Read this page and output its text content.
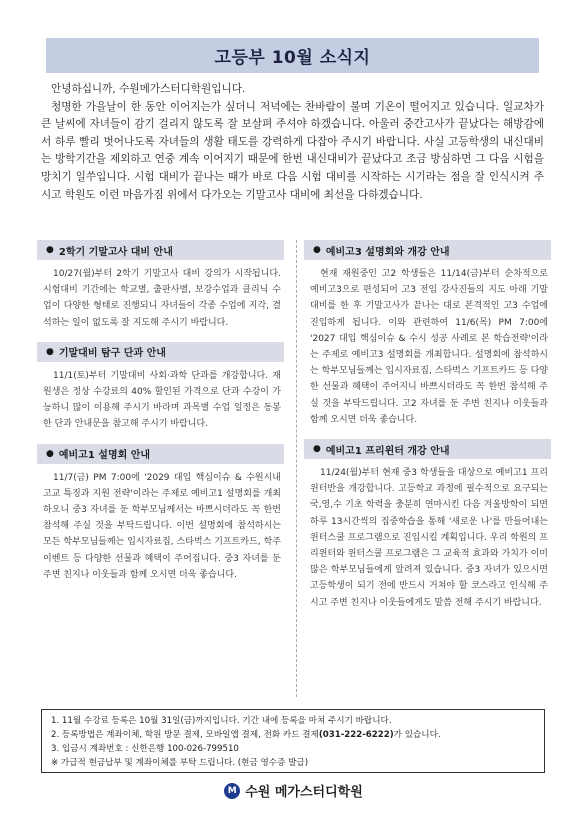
고등부 10월 소식지

안녕하십니까, 수원메가스터디학원입니다.

청명한 가을날이 한 동안 이어지는가 싶더니 저녁에는 찬바람이 불며 기온이 떨어지고 있습니다. 일교차가 큰 날씨에 자녀들이 감기 걸리지 않도록 잘 보살펴 주셔야 하겠습니다. 아울러 중간고사가 끝났다는 해방감에서 하루 빨리 벗어나도록 자녀들의 생활 태도를 강력하게 다잡아 주시기 바랍니다. 사실 고등학생의 내신대비는 방학기간을 제외하고 연중 계속 이어지기 때문에 한번 내신대비가 끝났다고 조금 방심하면 그 다음 시험을 망치기 일쑤입니다. 시험 대비가 끝나는 때가 바로 다음 시험 대비를 시작하는 시기라는 점을 잘 인식시켜 주시고 학원도 이런 마음가짐 위에서 다가오는 기말고사 대비에 최선을 다하겠습니다.

● 2학기 기말고사 대비 안내

10/27(월)부터 2학기 기말고사 대비 강의가 시작됩니다. 시험대비 기간에는 학교별, 출판사별, 보강수업과 클리닉 수업이 다양한 형태로 진행되니 자녀들이 각종 수업에 지각, 결석하는 일이 없도록 잘 지도해 주시기 바랍니다.

● 기말대비 탐구 단과 안내

11/1(토)부터 기말대비 사회·과학 단과를 개강합니다. 재원생은 정상 수강료의 40% 할인된 가격으로 단과 수강이 가능하니 많이 이용해 주시기 바라며 과목별 수업 일정은 동봉한 단과 안내문을 참고해 주시기 바랍니다.

● 예비고1 설명회 안내

11/7(금) PM 7:00에 '2029 대입 핵심이슈 & 수원시내 고교 특징과 지원 전략'이라는 주제로 예비고1 설명회를 개최하오니 중3 자녀를 둔 학부모님께서는 바쁘시더라도 꼭 한번 참석해 주실 것을 부탁드립니다. 이번 설명회에 참석하시는 모든 학부모님들께는 입시자료집, 스타벅스 기프트카드, 학주 이벤트 등 다양한 선물과 혜택이 주어집니다. 중3 자녀를 둔 주변 친지나 이웃들과 함께 오시면 더욱 좋습니다.

● 예비고3 설명회와 개강 안내

현재 재원중인 고2 학생들은 11/14(금)부터 순차적으로 예비고3으로 편성되어 고3 전임 강사진들의 지도 아래 기말대비를 한 후 기말고사가 끝나는 대로 본격적인 고3 수업에 진입하게 됩니다. 이와 관련하여 11/6(목) PM 7:00에 '2027 대입 핵심이슈 & 수시 성공 사례로 본 학습전략'이라는 주제로 예비고3 설명회를 개최합니다. 설명회에 참석하시는 학부모님들께는 입시자료집, 스타벅스 기프트카드 등 다양한 선물과 혜택이 주어지니 바쁘시더라도 꼭 한번 참석해 주실 것을 부탁드립니다. 고2 자녀를 둔 주변 친지나 이웃들과 함께 오시면 더욱 좋습니다.

● 예비고1 프리윈터 개강 안내

11/24(월)부터 현재 중3 학생들을 대상으로 예비고1 프리윈터반을 개강합니다. 고등학교 과정에 필수적으로 요구되는 국,영,수 기초 학력을 충분히 연마시킨 다음 겨울방학이 되면 하루 13시간씩의 집중학습을 통해 '새로운 나'를 만들어내는 윈터스쿨 프로그램으로 진입시킬 계획입니다. 우리 학원의 프리윈터와 윈터스쿨 프로그램은 그 교육적 효과와 가치가 이미 많은 학부모님들에게 알려져 있습니다. 중3 자녀가 있으시면 고등학생이 되기 전에 반드시 거쳐야 할 코스라고 인식해 주시고 주변 친지나 이웃들에게도 말씀 전해 주시기 바랍니다.

1. 11월 수강료 등록은 10월 31일(금)까지입니다. 기간 내에 등록을 마쳐 주시기 바랍니다.
2. 등록방법은 계좌이체, 학원 방문 결제, 모바일앱 결제, 전화 카드 결제(031-222-6222)가 있습니다.
3. 입금시 계좌번호 : 신한은행 100-026-799510
※ 가급적 현금납부 및 계좌이체를 부탁 드립니다. (현금 영수증 발급)
M 수원 메가스터디학원
